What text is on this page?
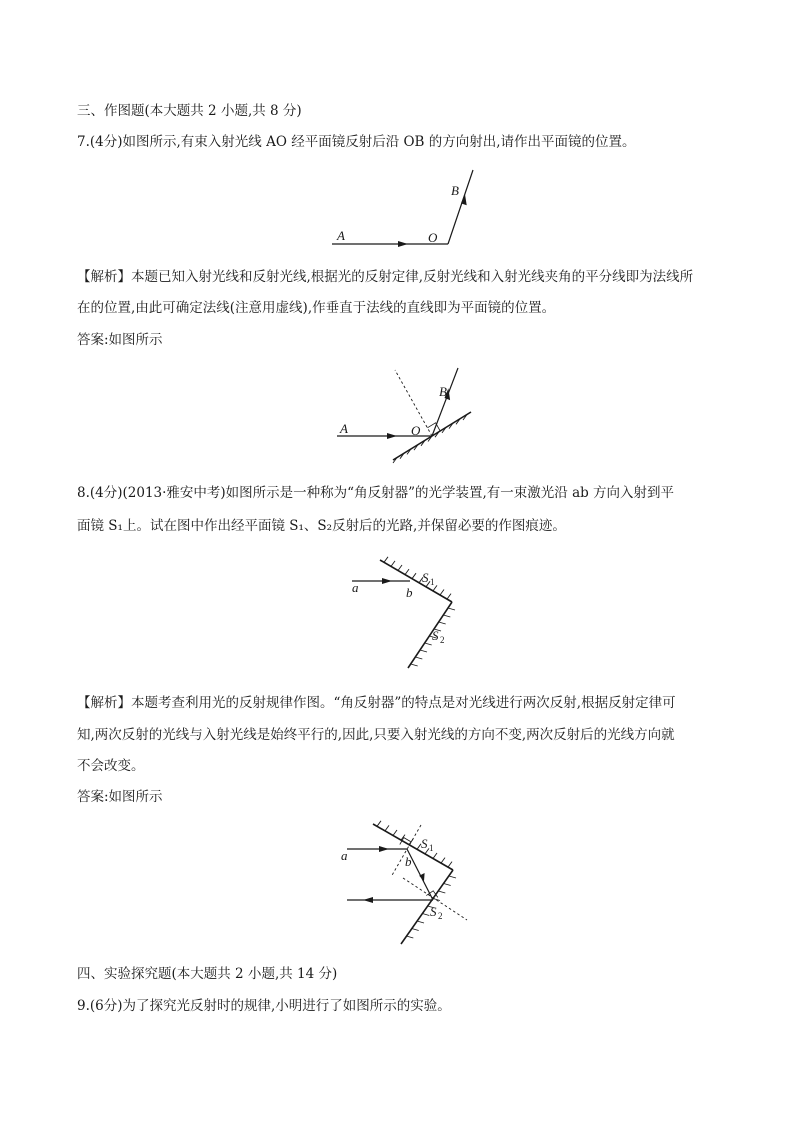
三、作图题(本大题共 2 小题,共 8 分)
7.(4分)如图所示,有束入射光线 AO 经平面镜反射后沿 OB 的方向射出,请作出平面镜的位置。
A
B
O
【解析】本题已知入射光线和反射光线,根据光的反射定律,反射光线和入射光线夹角的平分线即为法线所
在的位置,由此可确定法线(注意用虚线),作垂直于法线的直线即为平面镜的位置。
答案:如图所示
A
B
O
8.(4分)(2013·雅安中考)如图所示是一种称为“角反射器”的光学装置,有一束激光沿 ab 方向入射到平
面镜 S₁上。试在图中作出经平面镜 S₁、S₂反射后的光路,并保留必要的作图痕迹。
a	b
S 1
S 2
【解析】本题考查利用光的反射规律作图。“角反射器”的特点是对光线进行两次反射,根据反射定律可
知,两次反射的光线与入射光线是始终平行的,因此,只要入射光线的方向不变,两次反射后的光线方向就
不会改变。
答案:如图所示
a	b
S 1
S 2
四、实验探究题(本大题共 2 小题,共 14 分)
9.(6分)为了探究光反射时的规律,小明进行了如图所示的实验。
